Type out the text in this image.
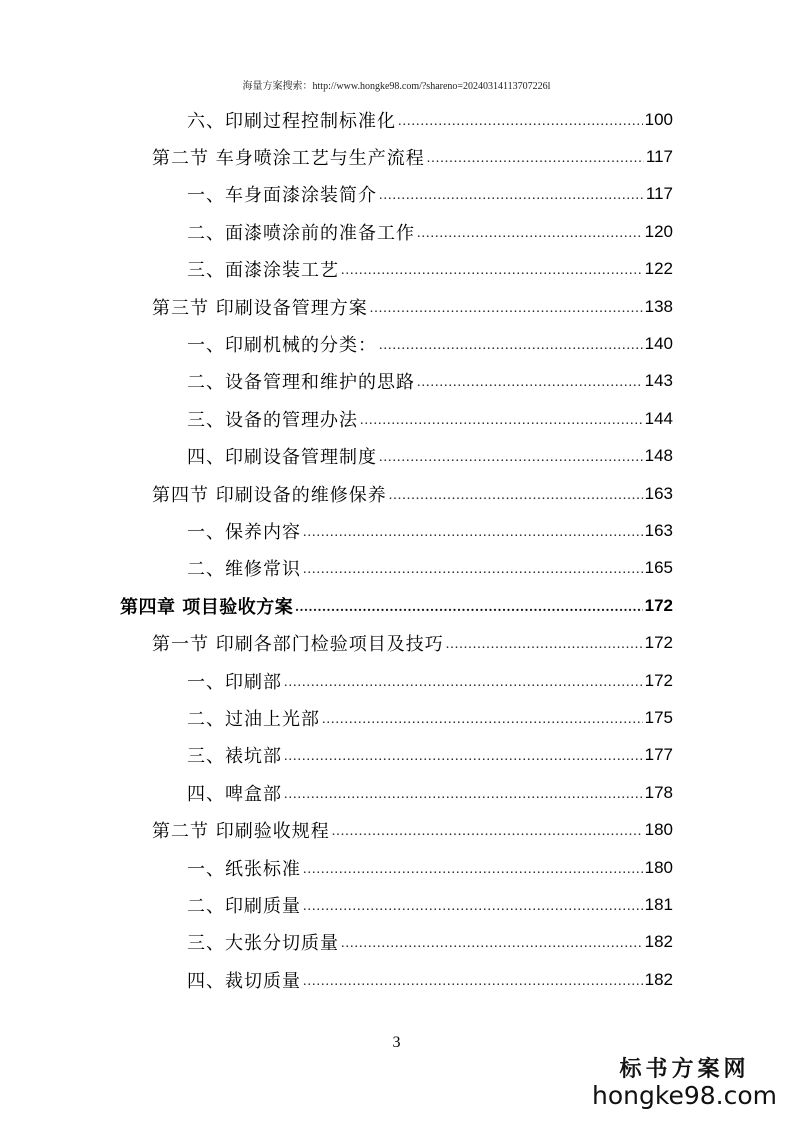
海量方案搜索：http://www.hongke98.com/?shareno=20240314113707226l
六、印刷过程控制标准化 .....	100
第二节 车身喷涂工艺与生产流程 .....	117
一、车身面漆涂装简介 .....	117
二、面漆喷涂前的准备工作 .....	120
三、面漆涂装工艺 .....	122
第三节 印刷设备管理方案 .....	138
一、印刷机械的分类： .....	140
二、设备管理和维护的思路 .....	143
三、设备的管理办法 .....	144
四、印刷设备管理制度 .....	148
第四节 印刷设备的维修保养 .....	163
一、保养内容 .....	163
二、维修常识 .....	165
第四章 项目验收方案 .....	172
第一节 印刷各部门检验项目及技巧 .....	172
一、印刷部 .....	172
二、过油上光部 .....	175
三、裱坑部 .....	177
四、啤盒部 .....	178
第二节 印刷验收规程 .....	180
一、纸张标准 .....	180
二、印刷质量 .....	181
三、大张分切质量 .....	182
四、裁切质量 .....	182
3
标书方案网
hongke98.com
